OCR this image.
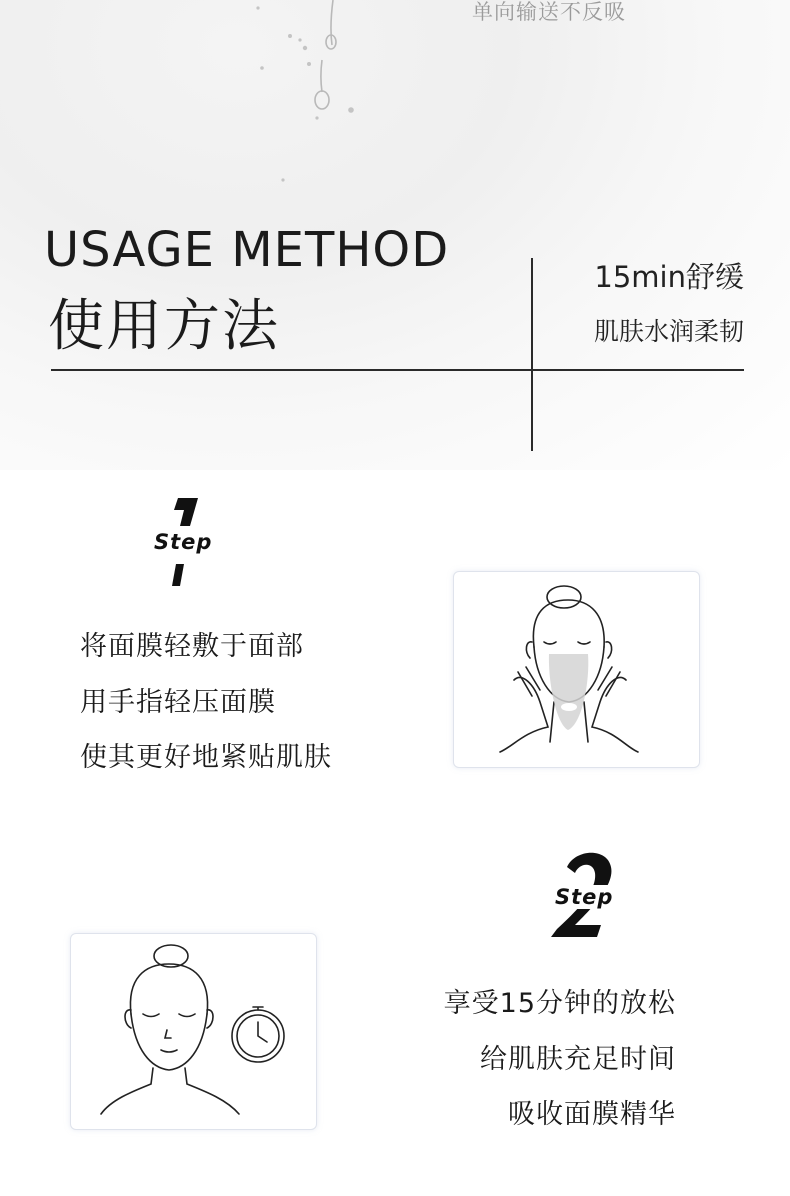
单向输送不反吸
USAGE METHOD
使用方法
15min舒缓
肌肤水润柔韧
Step
将面膜轻敷于面部
用手指轻压面膜
使其更好地紧贴肌肤
Step
享受15分钟的放松
给肌肤充足时间
吸收面膜精华
